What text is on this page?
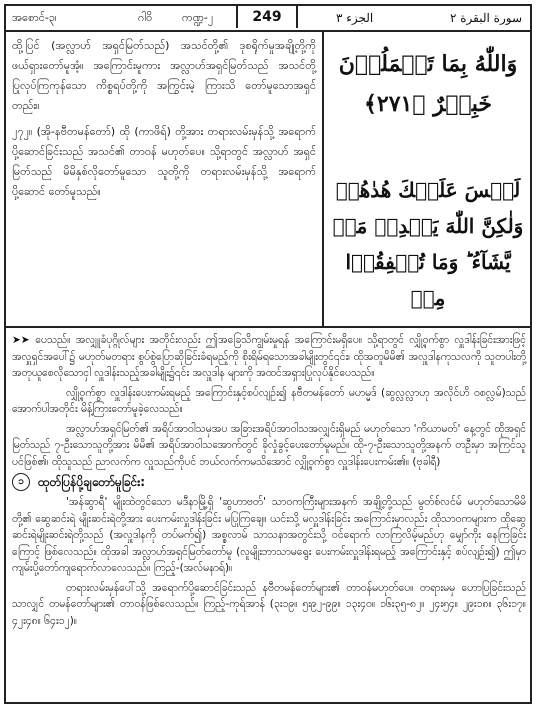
အစောင်-၃၊	ဂါဝိ	ကဏ္ဍ-၂	249	الجزء ٣	سورة البقرة ٢

ထို့ပြင် (အလ္လာဟ် အရှင်မြတ်သည်) အသင်တို့၏ ဒုစရိုက်မှုအချို့တို့ကို ဖယ်ရှားတော်မူအံ့။ အကြောင်းမူကား အလ္လာဟ်အရှင်မြတ်သည် အသင်တို့ ပြုလုပ်ကြကုန်သော ကိစ္စရပ်တို့ကို အကြွင်းမဲ့ ကြားသိ တော်မူသောအရှင်တည်း။

၂၇၂။ (အို-နဗီတမန်တော်) ထို (ကာဖိရ်) တို့အား တရားလမ်းမှန်သို့ အရောက် ပို့ဆောင်ခြင်းသည် အသင်၏ တာဝန် မဟုတ်ပေ။ သို့ရာတွင် အလ္လာဟ် အရှင်မြတ်သည် မိမိနှစ်လိုတော်မူသော သူတို့ကို တရားလမ်းမှန်သို့ အရောက် ပို့ဆောင် တော်မူသည်။

وَاللّٰهُ بِمَا تَعۡمَلُوۡنَ خَبِيۡرٌ ﴿٢٧١﴾
لَيۡسَ عَلَيۡكَ هُدٰهُمۡ وَلٰكِنَّ اللّٰهَ يَهۡدِىۡ مَنۡ يَّشَآءُ‌ ؕ وَمَا تُنۡفِقُوۡا مِنۡ

➤➤ ပေသည်။ အလျှူခံပုဂ္ဂိုလ်များ အတိုင်းလည်း ဤအခြေသိကျွမ်းမှုရန် အကြောင်းမရှိပေ။ သို့ရာတွင် လျှို့ဝှက်စွာ လှူဒါန်းခြင်းအားဖြင့် အလှူရှင်အပေါ်၌ မဟုတ်မတရား စွပ်စွဲပြောဆိုခြင်းခံရမည့်ကို စိုးရိမ်ရသောအခါမျိုးတွင်၎င်း၊ ထိုအတူမိမိ၏ အလှူဒါနကုသလကို သူတပါးတို့ အတုယူစေလိုသောငှါ လှူဒါန်းသည့်အခါမျိုး၌၎င်း အလှူဒါန များကို အထင်အရှားပြုလုပ်နိုင်ပေသည်။

လျှို့ဝှက်စွာ လှူဒါန်းပေးကမ်းရမည့် အကြောင်းနှင့်စပ်လျဉ်း၍ နဗီတမန်တော် မဟမ္မဒ် (ဆွလ္လလ္လာဟု အလိုင်ဟိ ဝစလ္လမ်)သည် အောက်ပါအတိုင်း မိန့်ကြားတော်မူခဲ့လေသည်။

အလ္လာဟ်အရှင်မြတ်၏ အရိပ်အာဝါသမှအပ အခြားအရိပ်အာဝါသအလျှင်းရှိမည် မဟုတ်သော 'ကိယာမတ်' နေ့တွင် ထိုအရှင်မြတ်သည် ၇-ဦးသောသူတို့အား မိမိ၏ အရိပ်အာဝါသအောက်တွင် ခိုလှုံခွင့်ပေးတော်မူမည်။ ထို-၇-ဦးသောသူတို့အနက် တဦးမှာ အကြင်သူပင်ဖြစ်၏၊ ထိုသူသည် ညာလက်က လှူသည်ကိုပင် ဘယ်လက်ကမသိအောင် လျှို့ဝှက်စွာ လှူဒါန်းပေးကမ်း၏။ (ဗုခါရီ)

၁	ထုတ်ပြန်ပို့ချတော်မူခြင်း:

'အန်ဆွာရီ' မျိုးထဲတွင်သော မဒီနာမြို့ရှိ 'ဆွဟာဗတ်' သာဝကကြီးများအနက် အချို့တို့သည် မွတ်စ်လင်မ် မဟုတ်သောမိမိတို့၏ ဆွေဆင်းရဲ မျိုးဆင်းရဲတို့အား ပေးကမ်းလှူဒါန်းခြင်း မပြုကြချေ။ ယင်းသို့ မလှူဒါန်းခြင်း အကြောင်းမှာလည်း ထိုသာဝကများက ထိုဆွေဆင်းရဲမျိုးဆင်းရဲတို့သည် (အလှူဒါနကို တပ်မက်၍) အစ္စလာမ် သာသနာအတွင်းသို့ ဝင်ရောက် လာကြလိမ့်မည်ဟု မျှော်ကိုး နေကြခြင်းကြောင့် ဖြစ်လေသည်။ ထိုအခါ အလ္လာဟ်အရှင်မြတ်တော်မူ (လူမျိုးဘာသာမရွေး ပေးကမ်းလှူဒါန်းရမည့် အကြောင်းနှင့် စပ်လျဉ်း၍) ဤမှာကျမ်းပို့တော်ကျရောက်လာလေသည်။ ကြည့်-(အလ်မနာရ်)။

တရားလမ်းမှန်ပေါ်သို့ အရောက်ပို့ဆောင်ခြင်းသည် နဗီတမန်တော်များ၏ တာဝန်မဟုတ်ပေ။ တရားမမှ ဟောပြခြင်းသည်သာလျှင် တမန်တော်များ၏ တာဝန်ဖြစ်လေသည်။ ကြည့်-ကုရ်အာန် (၃း၁၉။ ၅း၉၂-၉၉။ ၁၃း၄၀။ ၁၆း၃၅-၈၂။ ၂၄း၅၄။ ၂၉း၁၈။ ၃၆း၁၇။ ၄၂း၄၈။ ၆၄း၁၂)။
